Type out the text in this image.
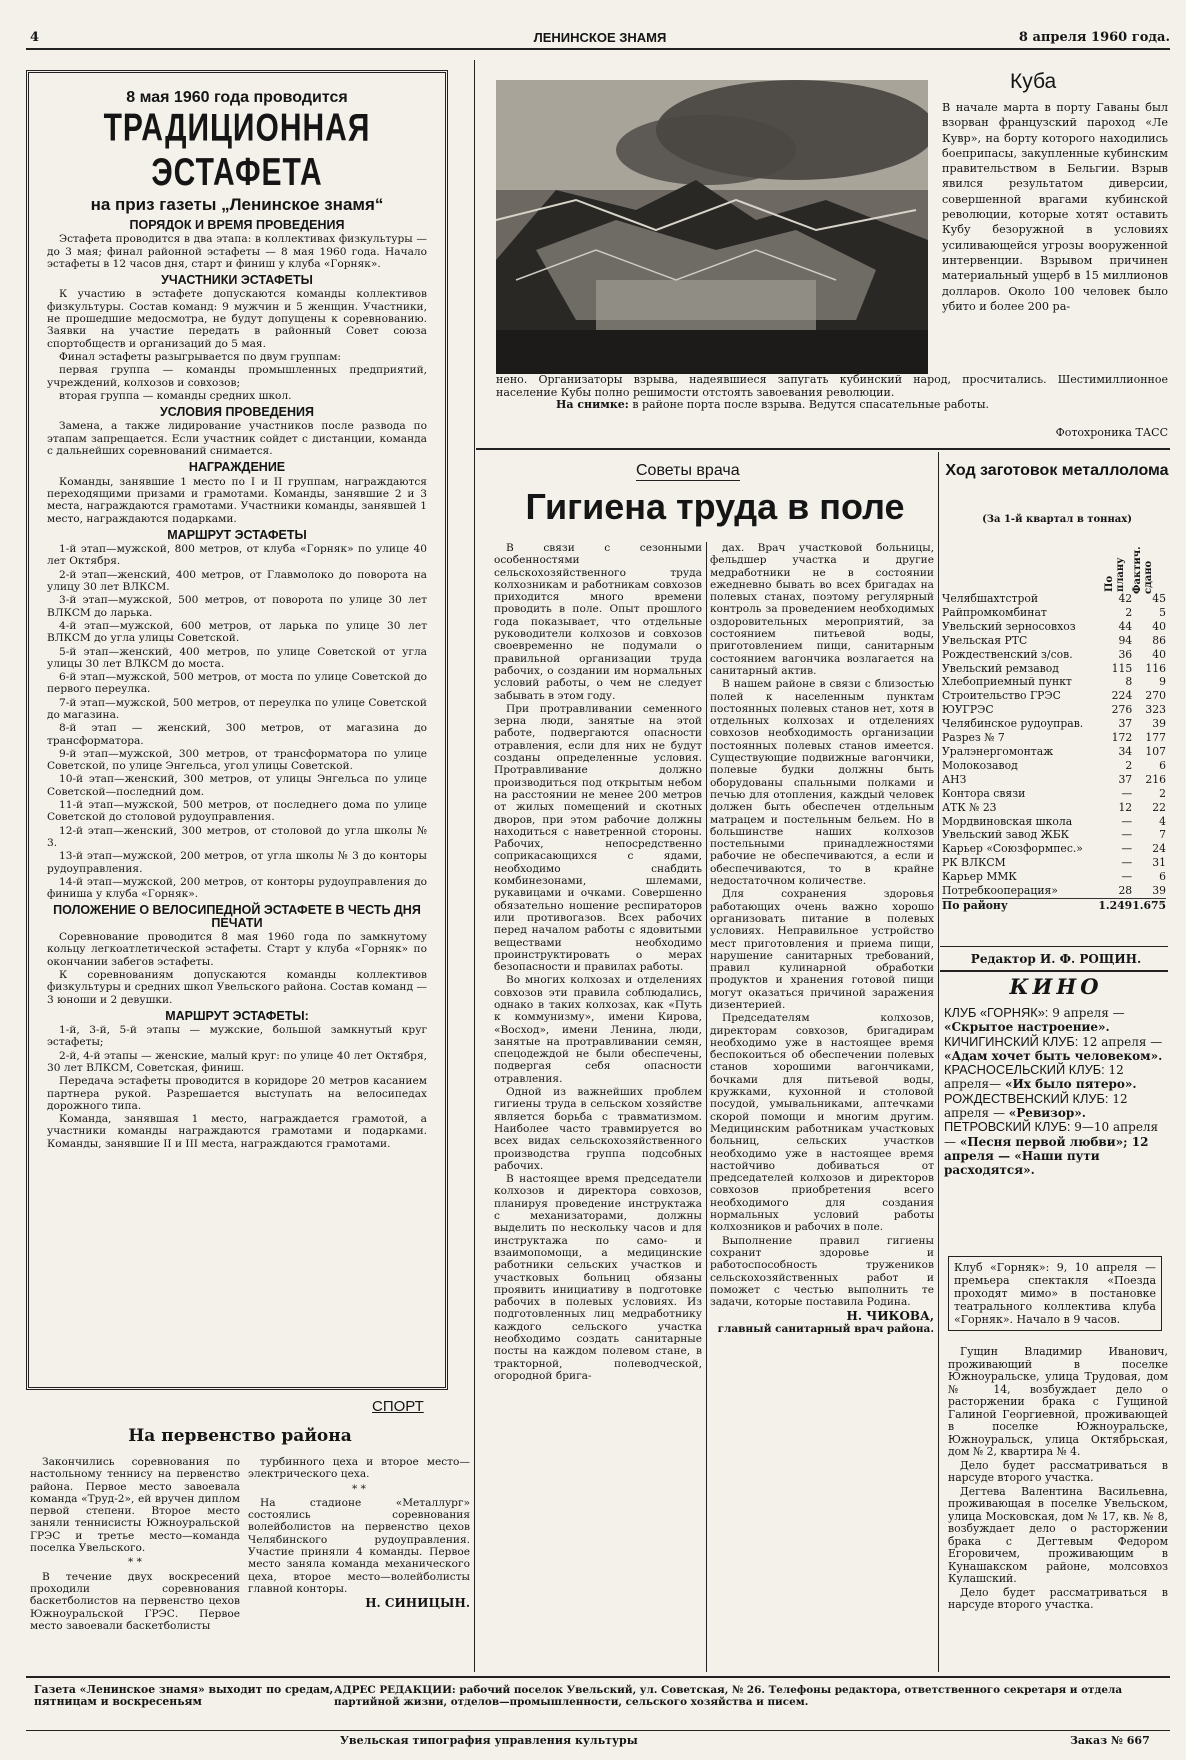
4	ЛЕНИНСКОЕ ЗНАМЯ	8 апреля 1960 года.
8 мая 1960 года проводится
ТРАДИЦИОННАЯ ЭСТАФЕТА
на приз газеты „Ленинское знамя“
ПОРЯДОК И ВРЕМЯ ПРОВЕДЕНИЯ

Эстафета проводится в два этапа: в коллективах физкультуры — до 3 мая; финал районной эстафеты — 8 мая 1960 года. Начало эстафеты в 12 часов дня, старт и финиш у клуба «Горняк».

УЧАСТНИКИ ЭСТАФЕТЫ

К участию в эстафете допускаются команды коллективов физкультуры. Состав команд: 9 мужчин и 5 женщин. Участники, не прошедшие медосмотра, не будут допущены к соревнованию. Заявки на участие передать в районный Совет союза спортобществ и организаций до 5 мая.

Финал эстафеты разыгрывается по двум группам:

первая группа — команды промышленных предприятий, учреждений, колхозов и совхозов;

вторая группа — команды средних школ.

УСЛОВИЯ ПРОВЕДЕНИЯ

Замена, а также лидирование участников после развода по этапам запрещается. Если участник сойдет с дистанции, команда с дальнейших соревнований снимается.

НАГРАЖДЕНИЕ

Команды, занявшие 1 место по I и II группам, награждаются переходящими призами и грамотами. Команды, занявшие 2 и 3 места, награждаются грамотами. Участники команды, занявшей 1 место, награждаются подарками.

МАРШРУТ ЭСТАФЕТЫ

1-й этап—мужской, 800 метров, от клуба «Горняк» по улице 40 лет Октября.

2-й этап—женский, 400 метров, от Главмолоко до поворота на улицу 30 лет ВЛКСМ.

3-й этап—мужской, 500 метров, от поворота по улице 30 лет ВЛКСМ до ларька.

4-й этап—мужской, 600 метров, от ларька по улице 30 лет ВЛКСМ до угла улицы Советской.

5-й этап—женский, 400 метров, по улице Советской от угла улицы 30 лет ВЛКСМ до моста.

6-й этап—мужской, 500 метров, от моста по улице Советской до первого переулка.

7-й этап—мужской, 500 метров, от переулка по улице Советской до магазина.

8-й этап — женский, 300 метров, от магазина до трансформатора.

9-й этап—мужской, 300 метров, от трансформатора по улице Советской, по улице Энгельса, угол улицы Советской.

10-й этап—женский, 300 метров, от улицы Энгельса по улице Советской—последний дом.

11-й этап—мужской, 500 метров, от последнего дома по улице Советской до столовой рудоуправления.

12-й этап—женский, 300 метров, от столовой до угла школы № 3.

13-й этап—мужской, 200 метров, от угла школы № 3 до конторы рудоуправления.

14-й этап—мужской, 200 метров, от конторы рудоуправления до финиша у клуба «Горняк».

ПОЛОЖЕНИЕ О ВЕЛОСИПЕДНОЙ ЭСТАФЕТЕ В ЧЕСТЬ ДНЯ ПЕЧАТИ

Соревнование проводится 8 мая 1960 года по замкнутому кольцу легкоатлетической эстафеты. Старт у клуба «Горняк» по окончании забегов эстафеты.

К соревнованиям допускаются команды коллективов физкультуры и средних школ Увельского района. Состав команд — 3 юноши и 2 девушки.

МАРШРУТ ЭСТАФЕТЫ:

1-й, 3-й, 5-й этапы — мужские, большой замкнутый круг эстафеты;

2-й, 4-й этапы — женские, малый круг: по улице 40 лет Октября, 30 лет ВЛКСМ, Советская, финиш.

Передача эстафеты проводится в коридоре 20 метров касанием партнера рукой. Разрешается выступать на велосипедах дорожного типа.

Команда, занявшая 1 место, награждается грамотой, а участники команды награждаются грамотами и подарками. Команды, занявшие II и III места, награждаются грамотами.

СПОРТ
На первенство района

Закончились соревнования по настольному теннису на первенство района. Первое место завоевала команда «Труд-2», ей вручен диплом первой степени. Второе место заняли теннисисты Южноуральской ГРЭС и третье место—команда поселка Увельского.

* *

В течение двух воскресений проходили соревнования баскетболистов на первенство цехов Южноуральской ГРЭС. Первое место завоевали баскетболисты

турбинного цеха и второе место—электрического цеха.

* *

На стадионе «Металлург» состоялись соревнования волейболистов на первенство цехов Челябинского рудоуправления. Участие приняли 4 команды. Первое место заняла команда механического цеха, второе место—волейболисты главной конторы.

Н. СИНИЦЫН.
Куба
В начале марта в порту Гаваны был взорван французский пароход «Ле Кувр», на борту которого находились боеприпасы, закупленные кубинским правительством в Бельгии. Взрыв явился результатом диверсии, совершенной врагами кубинской революции, которые хотят оставить Кубу безоружной в условиях усиливающейся угрозы вооруженной интервенции. Взрывом причинен материальный ущерб в 15 миллионов долларов. Около 100 человек было убито и более 200 ра-
нено. Организаторы взрыва, надеявшиеся запугать кубинский народ, просчитались. Шестимиллионное население Кубы полно решимости отстоять завоевания революции.
На снимке: в районе порта после взрыва. Ведутся спасательные работы.
Фотохроника ТАСС
Советы врача
Гигиена труда в поле

В связи с сезонными особенностями сельскохозяйственного труда колхозникам и работникам совхозов приходится много времени проводить в поле. Опыт прошлого года показывает, что отдельные руководители колхозов и совхозов своевременно не подумали о правильной организации труда рабочих, о создании им нормальных условий работы, о чем не следует забывать в этом году.

При протравливании семенного зерна люди, занятые на этой работе, подвергаются опасности отравления, если для них не будут созданы определенные условия. Протравливание должно производиться под открытым небом на расстоянии не менее 200 метров от жилых помещений и скотных дворов, при этом рабочие должны находиться с наветренной стороны. Рабочих, непосредственно соприкасающихся с ядами, необходимо снабдить комбинезонами, шлемами, рукавицами и очками. Совершенно обязательно ношение респираторов или противогазов. Всех рабочих перед началом работы с ядовитыми веществами необходимо проинструктировать о мерах безопасности и правилах работы.

Во многих колхозах и отделениях совхозов эти правила соблюдались, однако в таких колхозах, как «Путь к коммунизму», имени Кирова, «Восход», имени Ленина, люди, занятые на протравливании семян, спецодеждой не были обеспечены, подвергая себя опасности отравления.

Одной из важнейших проблем гигиены труда в сельском хозяйстве является борьба с травматизмом. Наиболее часто травмируется во всех видах сельскохозяйственного производства группа подсобных рабочих.

В настоящее время председатели колхозов и директора совхозов, планируя проведение инструктажа с механизаторами, должны выделить по нескольку часов и для инструктажа по само- и взаимопомощи, а медицинские работники сельских участков и участковых больниц обязаны проявить инициативу в подготовке рабочих в полевых условиях. Из подготовленных лиц медработнику каждого сельского участка необходимо создать санитарные посты на каждом полевом стане, в тракторной, полеводческой, огородной брига-

дах. Врач участковой больницы, фельдшер участка и другие медработники не в состоянии ежедневно бывать во всех бригадах на полевых станах, поэтому регулярный контроль за проведением необходимых оздоровительных мероприятий, за состоянием питьевой воды, приготовлением пищи, санитарным состоянием вагончика возлагается на санитарный актив.

В нашем районе в связи с близостью полей к населенным пунктам постоянных полевых станов нет, хотя в отдельных колхозах и отделениях совхозов необходимость организации постоянных полевых станов имеется. Существующие подвижные вагончики, полевые будки должны быть оборудованы спальными полками и печью для отопления, каждый человек должен быть обеспечен отдельным матрацем и постельным бельем. Но в большинстве наших колхозов постельными принадлежностями рабочие не обеспечиваются, а если и обеспечиваются, то в крайне недостаточном количестве.

Для сохранения здоровья работающих очень важно хорошо организовать питание в полевых условиях. Неправильное устройство мест приготовления и приема пищи, нарушение санитарных требований, правил кулинарной обработки продуктов и хранения готовой пищи могут оказаться причиной заражения дизентерией.

Председателям колхозов, директорам совхозов, бригадирам необходимо уже в настоящее время беспокоиться об обеспечении полевых станов хорошими вагончиками, бочками для питьевой воды, кружками, кухонной и столовой посудой, умывальниками, аптечками скорой помощи и многим другим. Медицинским работникам участковых больниц, сельских участков необходимо уже в настоящее время настойчиво добиваться от председателей колхозов и директоров совхозов приобретения всего необходимого для создания нормальных условий работы колхозников и рабочих в поле.

Выполнение правил гигиены сохранит здоровье и работоспособность тружеников сельскохозяйственных работ и поможет с честью выполнить те задачи, которые поставила Родина.

Н. ЧИКОВА,
главный санитарный врач района.
Ход заготовок металлолома
(За 1-й квартал в тоннах)
По плану Фактич. сдано
Челябшахтстрой	42	45
Райпромкомбинат	2	5
Увельский зерносовхоз	44	40
Увельская РТС	94	86
Рождественский з/сов.	36	40
Увельский ремзавод	115	116
Хлебоприемный пункт	8	9
Строительство ГРЭС	224	270
ЮУГРЭС	276	323
Челябинское рудоуправ.	37	39
Разрез № 7	172	177
Уралэнергомонтаж	34	107
Молокозавод	2	6
АНЗ	37	216
Контора связи	—	2
АТК № 23	12	22
Мордвиновская школа	—	4
Увельский завод ЖБК	—	7
Карьер «Союзформпес.»	—	24
РК ВЛКСМ	—	31
Карьер ММК	—	6
Потребкооперация»	28	39
По району	1.249	1.675
Редактор И. Ф. РОЩИН.
КИНО
КЛУБ «ГОРНЯК»: 9 апреля — «Скрытое настроение».
КИЧИГИНСКИЙ КЛУБ: 12 апреля — «Адам хочет быть человеком».
КРАСНОСЕЛЬСКИЙ КЛУБ: 12 апреля— «Их было пятеро».
РОЖДЕСТВЕНСКИЙ КЛУБ: 12 апреля — «Ревизор».
ПЕТРОВСКИЙ КЛУБ: 9—10 апреля — «Песня первой любви»; 12 апреля — «Наши пути расходятся».
Клуб «Горняк»: 9, 10 апреля — премьера спектакля «Поезда проходят мимо» в постановке театрального коллектива клуба «Горняк». Начало в 9 часов.

Гущин Владимир Иванович, проживающий в поселке Южноуральске, улица Трудовая, дом № 14, возбуждает дело о расторжении брака с Гущиной Галиной Георгиевной, проживающей в поселке Южноуральске, Южноуральск, улица Октябрьская, дом № 2, квартира № 4.

Дело будет рассматриваться в нарсуде второго участка.

Дегтева Валентина Васильевна, проживающая в поселке Увельском, улица Московская, дом № 17, кв. № 8, возбуждает дело о расторжении брака с Дегтевым Федором Егоровичем, проживающим в Кунашакском районе, молсовхоз Кулашский.

Дело будет рассматриваться в нарсуде второго участка.

Газета «Ленинское знамя» выходит по средам, пятницам и воскресеньям
АДРЕС РЕДАКЦИИ: рабочий поселок Увельский, ул. Советская, № 26. Телефоны редактора, ответственного секретаря и отдела партийной жизни, отделов—промышленности, сельского хозяйства и писем.
Увельская типография управления культуры	Заказ № 667
